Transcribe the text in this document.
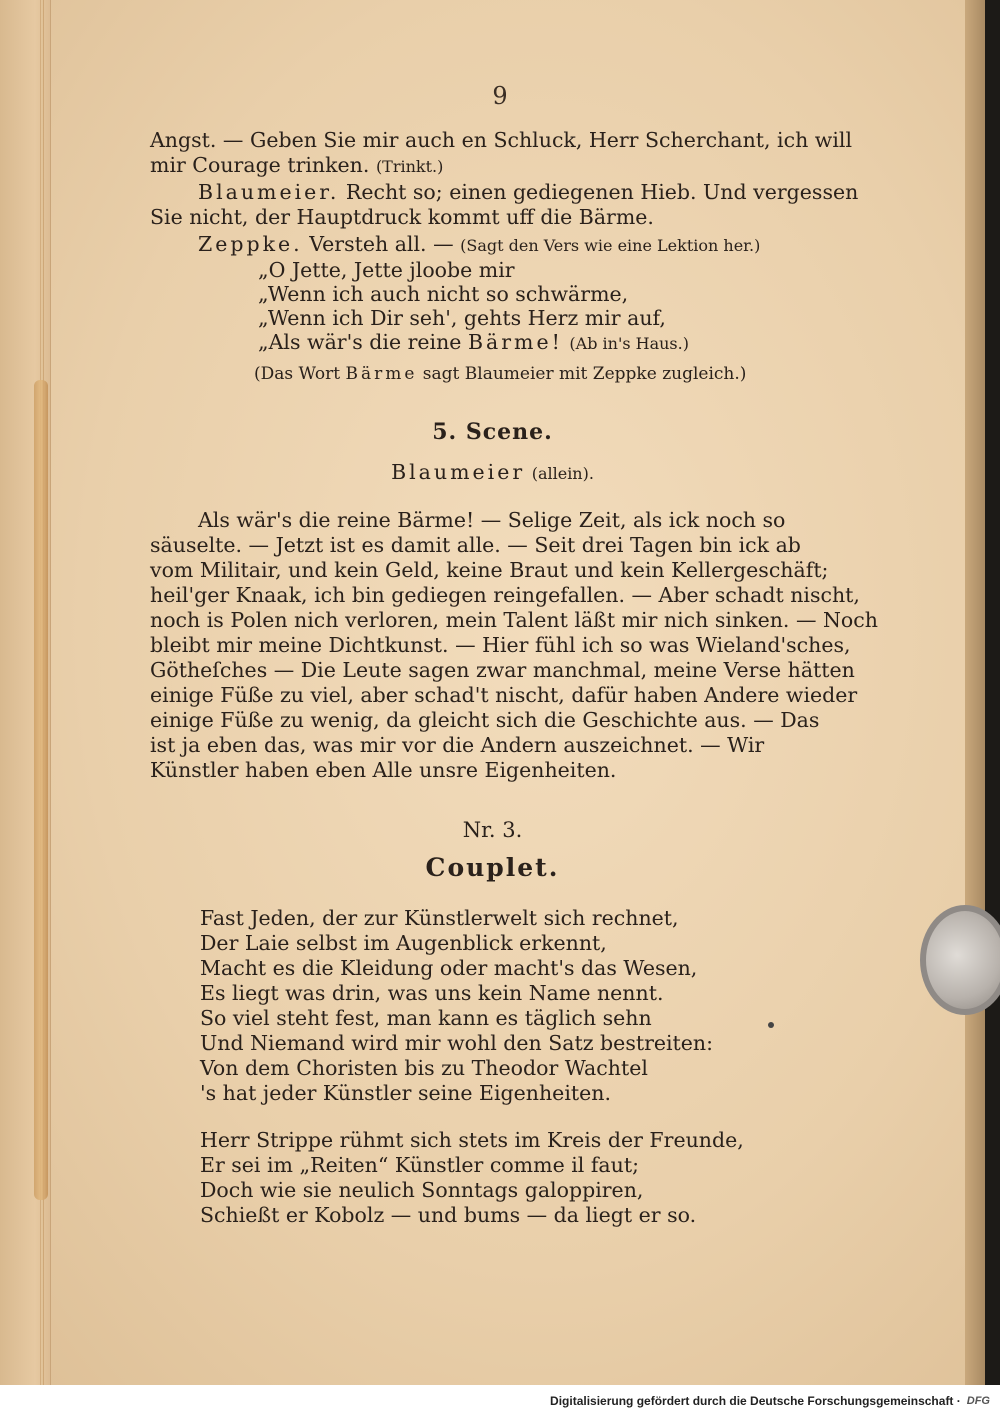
9
Angst. — Geben Sie mir auch en Schluck, Herr Scherchant, ich will
mir Courage trinken. (Trinkt.)
Blaumeier. Recht so; einen gediegenen Hieb. Und vergessen
Sie nicht, der Hauptdruck kommt uff die Bärme.
Zeppke. Versteh all. — (Sagt den Vers wie eine Lektion her.)
„O Jette, Jette jloobe mir
„Wenn ich auch nicht so schwärme,
„Wenn ich Dir seh', gehts Herz mir auf,
„Als wär's die reine Bärme! (Ab in's Haus.)
(Das Wort Bärme sagt Blaumeier mit Zeppke zugleich.)
5. Scene.
Blaumeier (allein).
Als wär's die reine Bärme! — Selige Zeit, als ick noch so
säuselte. — Jetzt ist es damit alle. — Seit drei Tagen bin ick ab
vom Militair, und kein Geld, keine Braut und kein Kellergeschäft;
heil'ger Knaak, ich bin gediegen reingefallen. — Aber schadt nischt,
noch is Polen nich verloren, mein Talent läßt mir nich sinken. — Noch
bleibt mir meine Dichtkunst. — Hier fühl ich so was Wieland'sches,
Götheſches — Die Leute sagen zwar manchmal, meine Verse hätten
einige Füße zu viel, aber schad't nischt, dafür haben Andere wieder
einige Füße zu wenig, da gleicht sich die Geschichte aus. — Das
ist ja eben das, was mir vor die Andern auszeichnet. — Wir
Künstler haben eben Alle unsre Eigenheiten.
Nr. 3.
Couplet.
Fast Jeden, der zur Künstlerwelt sich rechnet,
Der Laie selbst im Augenblick erkennt,
Macht es die Kleidung oder macht's das Wesen,
Es liegt was drin, was uns kein Name nennt.
So viel steht fest, man kann es täglich sehn
Und Niemand wird mir wohl den Satz bestreiten:
Von dem Choristen bis zu Theodor Wachtel
's hat jeder Künstler seine Eigenheiten.
Herr Strippe rühmt sich stets im Kreis der Freunde,
Er sei im „Reiten“ Künstler comme il faut;
Doch wie sie neulich Sonntags galoppiren,
Schießt er Kobolz — und bums — da liegt er so.
Digitalisierung gefördert durch die Deutsche Forschungsgemeinschaft · DFG
